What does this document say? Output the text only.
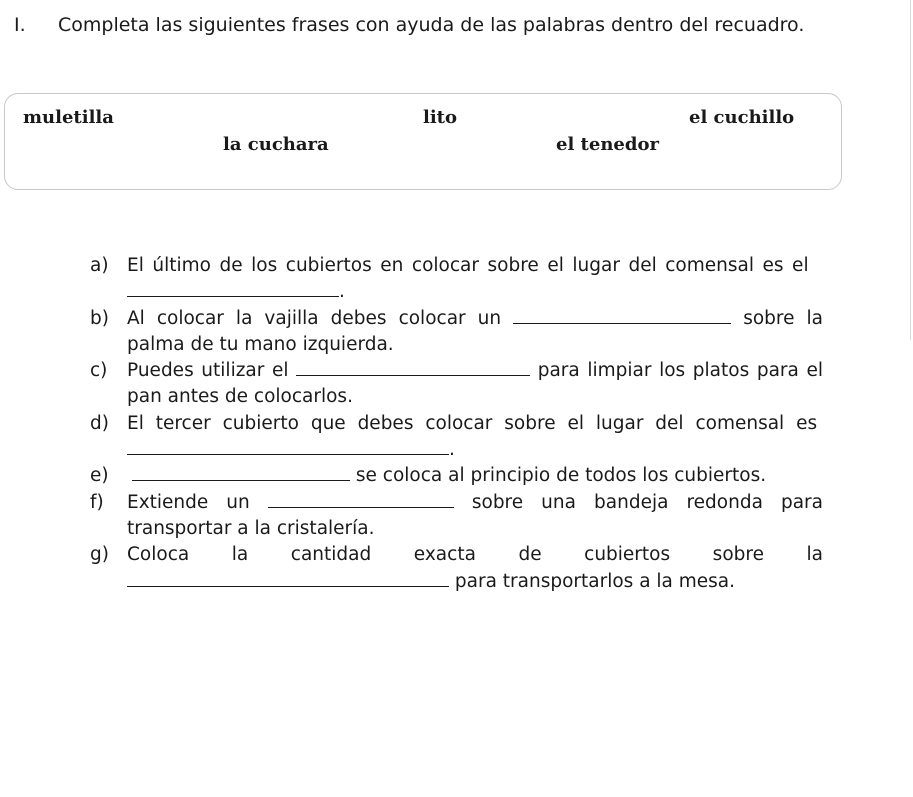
I.	Completa las siguientes frases con ayuda de las palabras dentro del recuadro.
muletilla	lito	el cuchillo
la cuchara	el tenedor
a) El último de los cubiertos en colocar sobre el lugar del comensal es el  .
b) Al colocar la vajilla debes colocar un	sobre la palma de tu mano izquierda.
c)	Puedes utilizar el	para limpiar los platos para el pan antes de colocarlos.
d) El tercer cubierto que debes colocar sobre el lugar del comensal es .
e)	se coloca al principio de todos los cubiertos.
f)	Extiende un	sobre una bandeja redonda para transportar a la cristalería.
g) Coloca la cantidad exacta de cubiertos sobre la  para transportarlos a la mesa.
